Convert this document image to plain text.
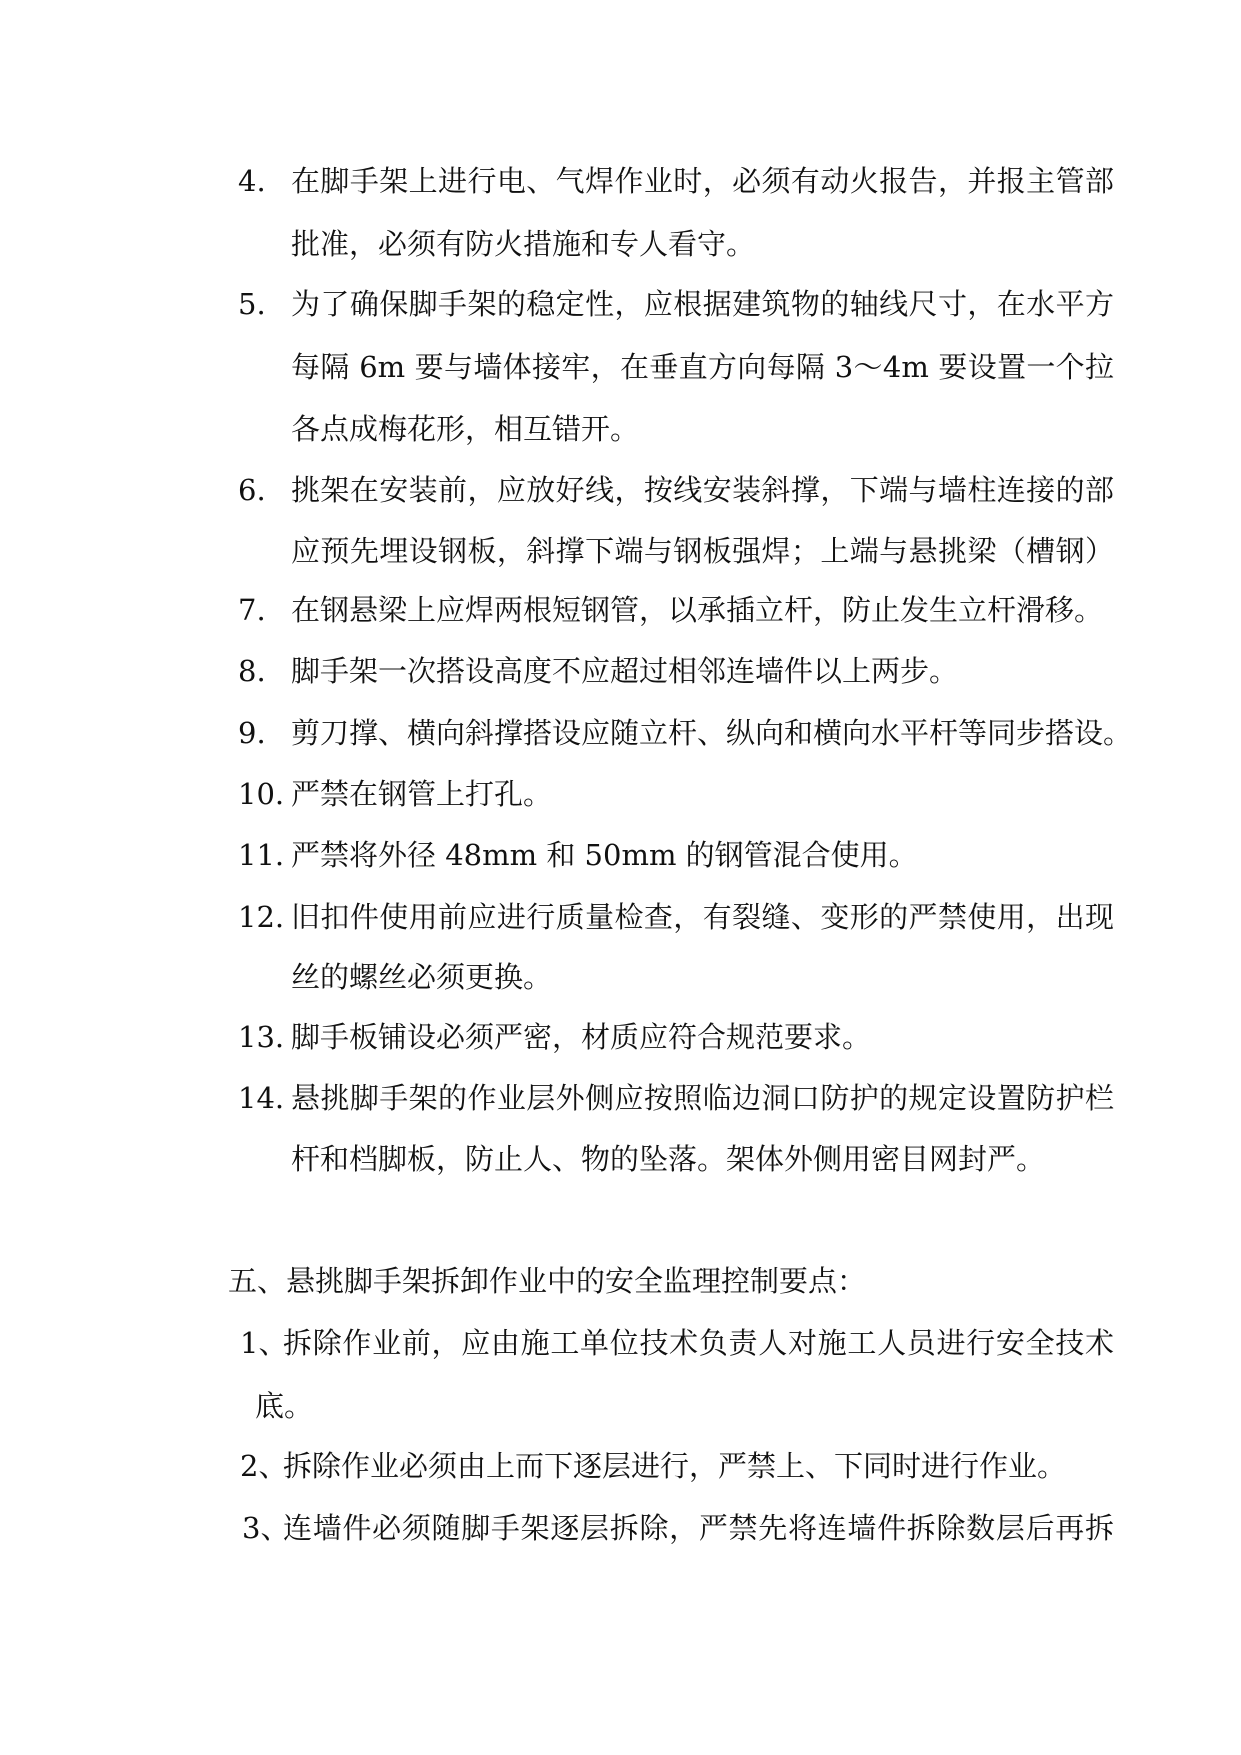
4. 在脚手架上进行电、气焊作业时，必须有动火报告，并报主管部

批准，必须有防火措施和专人看守。

5. 为了确保脚手架的稳定性，应根据建筑物的轴线尺寸，在水平方

每隔 6m 要与墙体接牢，在垂直方向每隔 3～4m 要设置一个拉

各点成梅花形，相互错开。

6. 挑架在安装前，应放好线，按线安装斜撑，下端与墙柱连接的部

应预先埋设钢板，斜撑下端与钢板强焊；上端与悬挑梁（槽钢）

7. 在钢悬梁上应焊两根短钢管，以承插立杆，防止发生立杆滑移。

8. 脚手架一次搭设高度不应超过相邻连墙件以上两步。

9. 剪刀撑、横向斜撑搭设应随立杆、纵向和横向水平杆等同步搭设。

10. 严禁在钢管上打孔。

11. 严禁将外径 48mm 和 50mm 的钢管混合使用。

12. 旧扣件使用前应进行质量检查，有裂缝、变形的严禁使用，出现

丝的螺丝必须更换。

13. 脚手板铺设必须严密，材质应符合规范要求。

14. 悬挑脚手架的作业层外侧应按照临边洞口防护的规定设置防护栏

杆和档脚板，防止人、物的坠落。架体外侧用密目网封严。

五、悬挑脚手架拆卸作业中的安全监理控制要点：

1、

拆除作业前，应由施工单位技术负责人对施工人员进行安全技术

底。

2、

拆除作业必须由上而下逐层进行，严禁上、下同时进行作业。

3、

连墙件必须随脚手架逐层拆除，严禁先将连墙件拆除数层后再拆
